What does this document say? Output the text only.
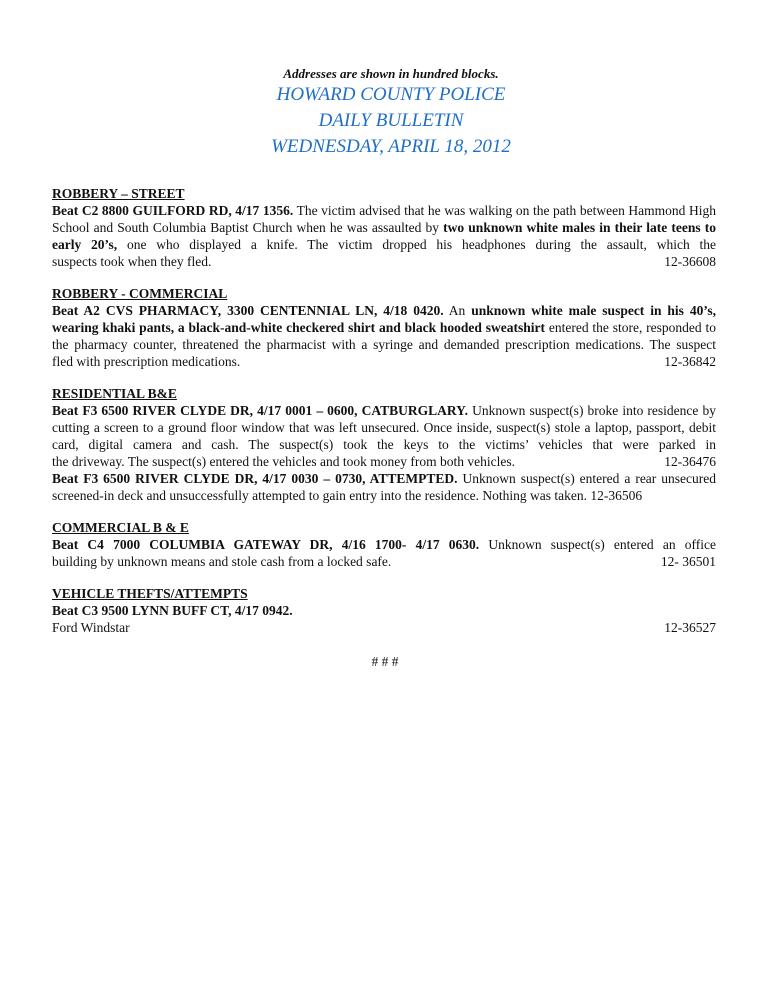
Addresses are shown in hundred blocks.
HOWARD COUNTY POLICE
DAILY BULLETIN
WEDNESDAY, APRIL 18, 2012
ROBBERY – STREET
Beat C2 8800 GUILFORD RD, 4/17 1356. The victim advised that he was walking on the path between Hammond High School and South Columbia Baptist Church when he was assaulted by two unknown white males in their late teens to early 20’s, one who displayed a knife. The victim dropped his headphones during the assault, which the
suspects took when they fled.	12-36608
ROBBERY - COMMERCIAL
Beat A2 CVS PHARMACY, 3300 CENTENNIAL LN, 4/18 0420. An unknown white male suspect in his 40’s, wearing khaki pants, a black-and-white checkered shirt and black hooded sweatshirt entered the store, responded to the pharmacy counter, threatened the pharmacist with a syringe and demanded prescription medications. The suspect
fled with prescription medications.	12-36842
RESIDENTIAL B&E
Beat F3 6500 RIVER CLYDE DR, 4/17 0001 – 0600, CATBURGLARY. Unknown suspect(s) broke into residence by cutting a screen to a ground floor window that was left unsecured. Once inside, suspect(s) stole a laptop, passport, debit card, digital camera and cash. The suspect(s) took the keys to the victims’ vehicles that were parked in
the driveway. The suspect(s) entered the vehicles and took money from both vehicles.	12-36476
Beat F3 6500 RIVER CLYDE DR, 4/17 0030 – 0730, ATTEMPTED. Unknown suspect(s) entered a rear unsecured screened-in deck and unsuccessfully attempted to gain entry into the residence. Nothing was taken. 12-36506
COMMERCIAL B & E
Beat C4 7000 COLUMBIA GATEWAY DR, 4/16 1700- 4/17 0630. Unknown suspect(s) entered an office
building by unknown means and stole cash from a locked safe.	12- 36501
VEHICLE THEFTS/ATTEMPTS
Beat C3 9500 LYNN BUFF CT, 4/17 0942.
Ford Windstar	12-36527
# # #
